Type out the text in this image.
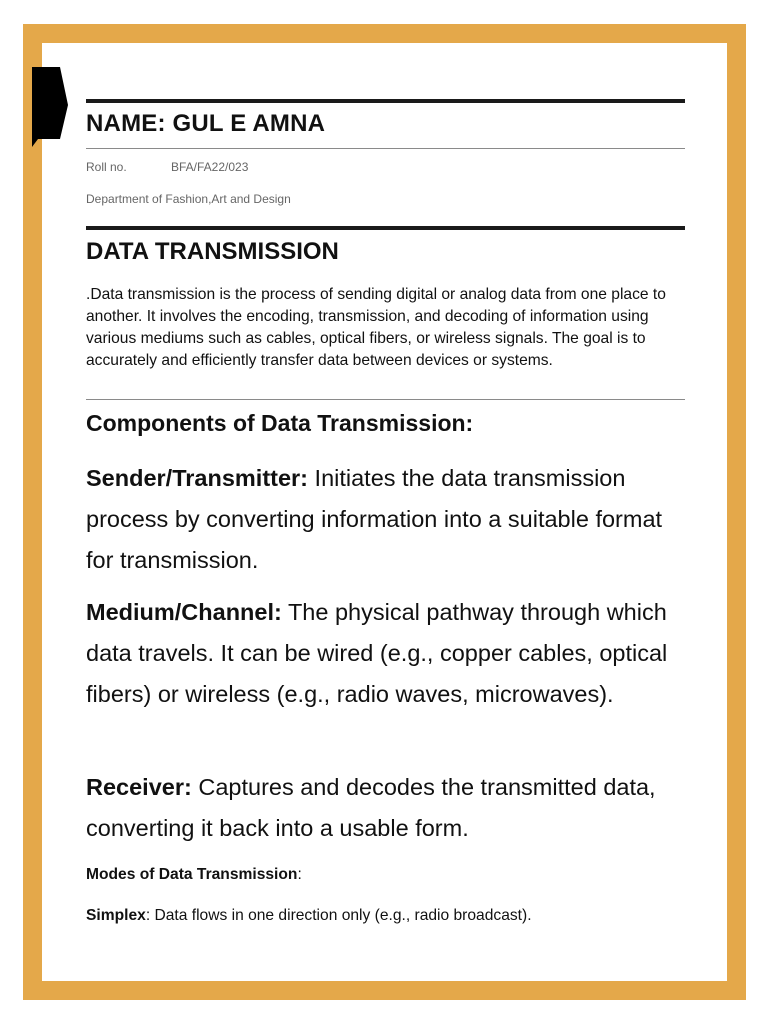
NAME: GUL E AMNA

Roll no.	BFA/FA22/023

Department of Fashion,Art and Design

DATA TRANSMISSION

.Data transmission is the process of sending digital or analog data from one place to another. It involves the encoding, transmission, and decoding of information using various mediums such as cables, optical fibers, or wireless signals. The goal is to accurately and efficiently transfer data between devices or systems.

Components of Data Transmission:

Sender/Transmitter: Initiates the data transmission process by converting information into a suitable format for transmission.

Medium/Channel: The physical pathway through which data travels. It can be wired (e.g., copper cables, optical fibers) or wireless (e.g., radio waves, microwaves).

Receiver: Captures and decodes the transmitted data, converting it back into a usable form.

Modes of Data Transmission:

Simplex: Data flows in one direction only (e.g., radio broadcast).
